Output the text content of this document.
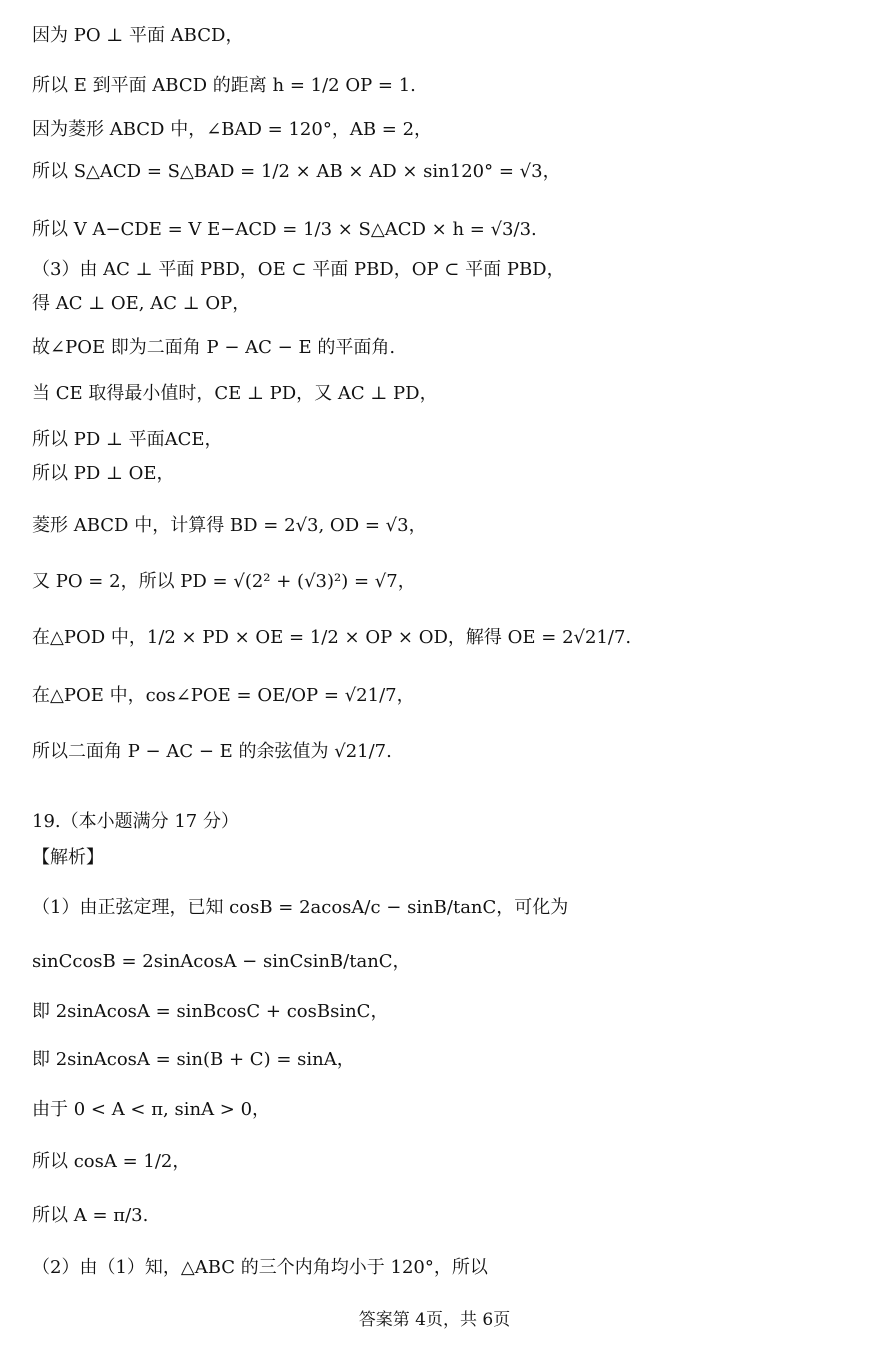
因为 PO ⊥ 平面 ABCD，
所以 E 到平面 ABCD 的距离 h = 1/2 OP = 1.
因为菱形 ABCD 中，∠BAD = 120°，AB = 2，
所以 S△ACD = S△BAD = 1/2 × AB × AD × sin120° = √3，
所以 V A−CDE = V E−ACD = 1/3 × S△ACD × h = √3/3.
（3）由 AC ⊥ 平面 PBD，OE ⊂ 平面 PBD，OP ⊂ 平面 PBD，
得 AC ⊥ OE, AC ⊥ OP，
故∠POE 即为二面角 P − AC − E 的平面角.
当 CE 取得最小值时，CE ⊥ PD，又 AC ⊥ PD，
所以 PD ⊥ 平面ACE，
所以 PD ⊥ OE，
菱形 ABCD 中，计算得 BD = 2√3, OD = √3，
又 PO = 2，所以 PD = √(2² + (√3)²) = √7，
在△POD 中，1/2 × PD × OE = 1/2 × OP × OD，解得 OE = 2√21/7.
在△POE 中，cos∠POE = OE/OP = √21/7，
所以二面角 P − AC − E 的余弦值为 √21/7.
19.（本小题满分 17 分）
【解析】
（1）由正弦定理，已知 cosB = 2acosA/c − sinB/tanC，可化为
sinCcosB = 2sinAcosA − sinCsinB/tanC，
即 2sinAcosA = sinBcosC + cosBsinC，
即 2sinAcosA = sin(B + C) = sinA，
由于 0 < A < π, sinA > 0，
所以 cosA = 1/2，
所以 A = π/3.
（2）由（1）知，△ABC 的三个内角均小于 120°，所以
答案第 4页，共 6页
